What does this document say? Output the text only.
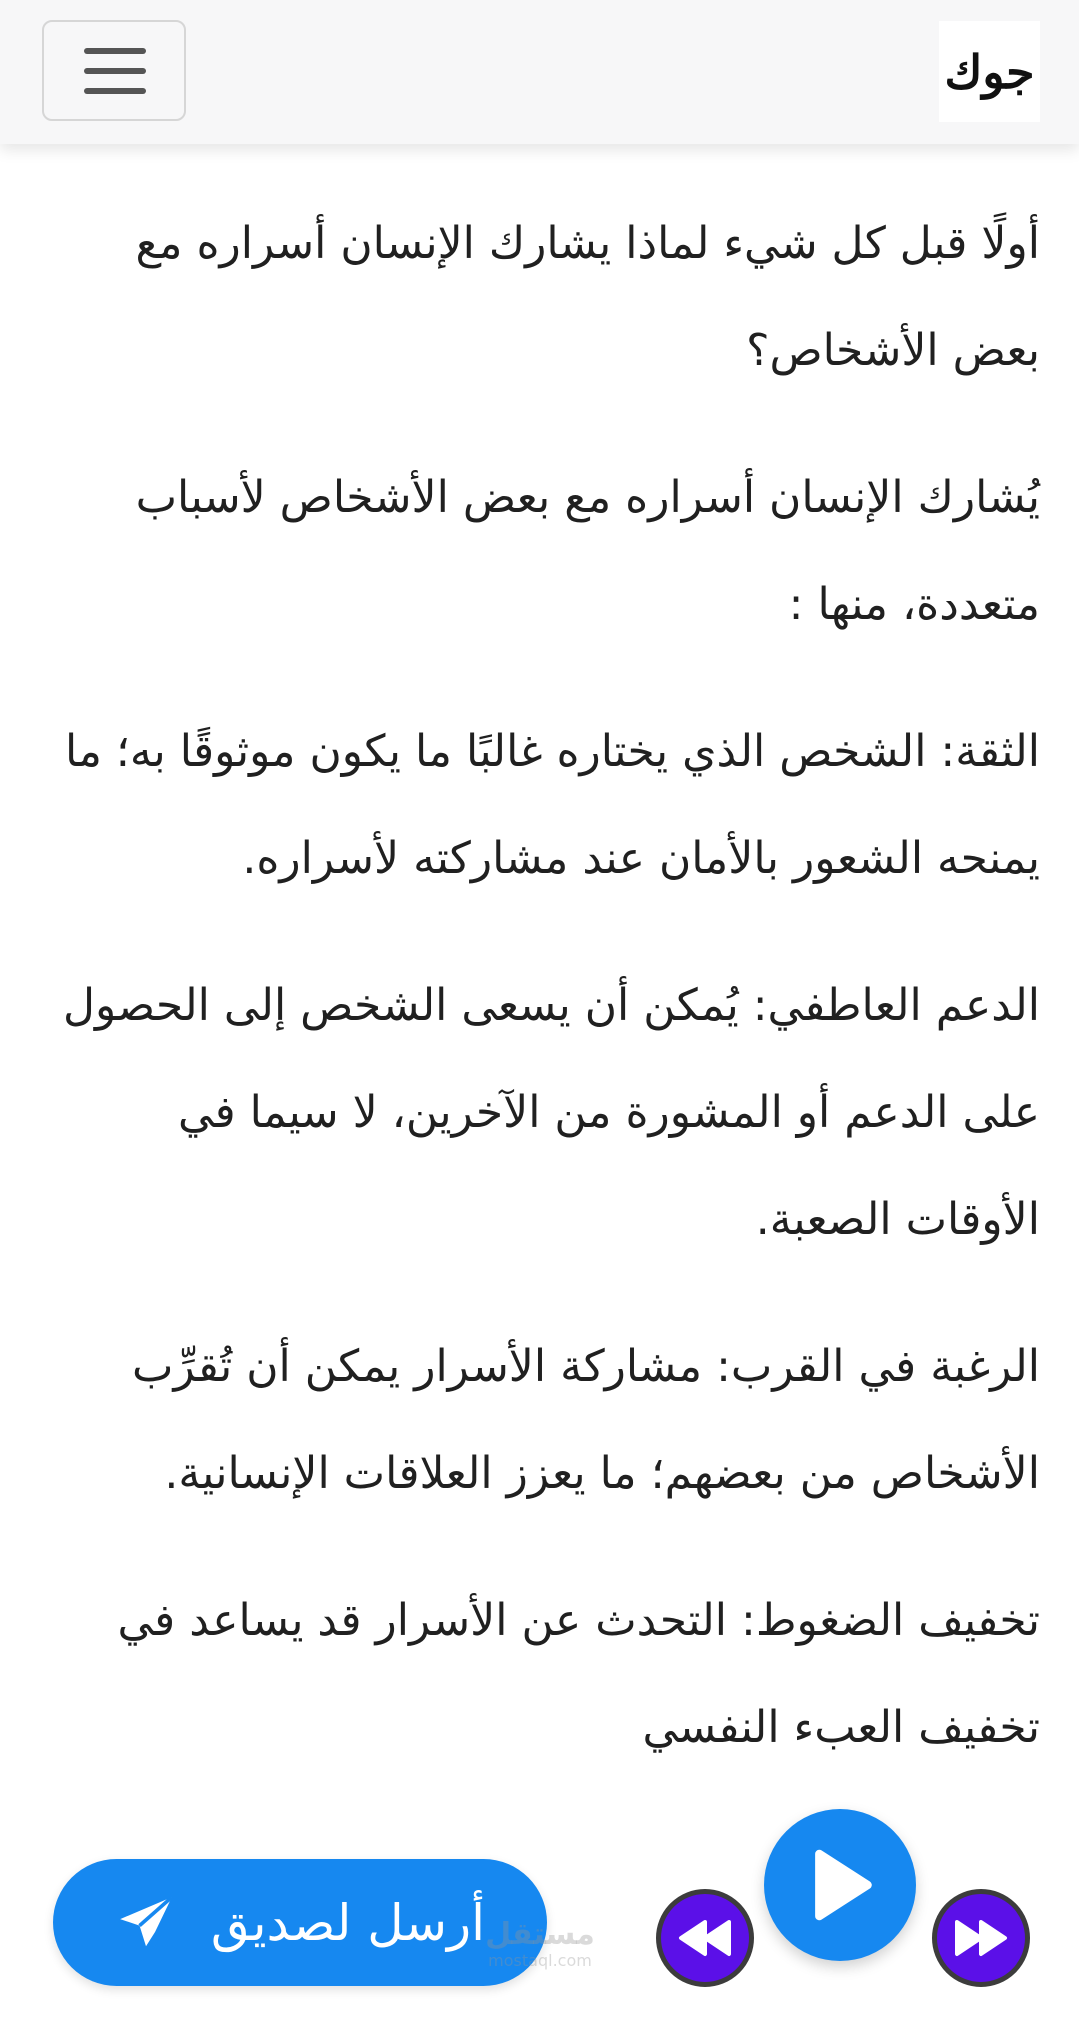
جوك

أولًا قبل كل شيء لماذا يشارك الإنسان أسراره مع بعض الأشخاص؟

يُشارك الإنسان أسراره مع بعض الأشخاص لأسباب متعددة، منها :

الثقة: الشخص الذي يختاره غالبًا ما يكون موثوقًا به؛ ما يمنحه الشعور بالأمان عند مشاركته لأسراره.

الدعم العاطفي: يُمكن أن يسعى الشخص إلى الحصول على الدعم أو المشورة من الآخرين، لا سيما في الأوقات الصعبة.

الرغبة في القرب: مشاركة الأسرار يمكن أن تُقرِّب الأشخاص من بعضهم؛ ما يعزز العلاقات الإنسانية.

تخفيف الضغوط: التحدث عن الأسرار قد يساعد في تخفيف العبء النفسي

أرسل لصديق مستقل
mostaql.com
